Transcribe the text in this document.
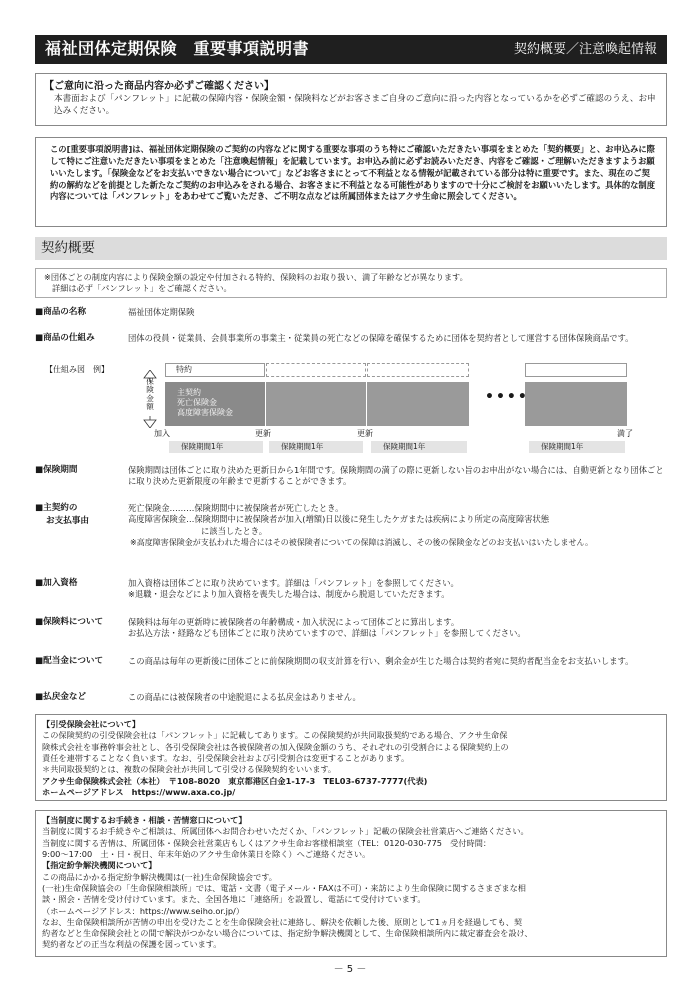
福祉団体定期保険　重要事項説明書	契約概要／注意喚起情報
【ご意向に沿った商品内容か必ずご確認ください】
本書面および「パンフレット」に記載の保障内容・保険金額・保険料などがお客さまご自身のご意向に沿った内容となっているかを必ずご確認のうえ、お申込みください。
この[重要事項説明書]は、福祉団体定期保険のご契約の内容などに関する重要な事項のうち特にご確認いただきたい事項をまとめた「契約概要」と、お申込みに際して特にご注意いただきたい事項をまとめた「注意喚起情報」を記載しています。お申込み前に必ずお読みいただき、内容をご確認・ご理解いただきますようお願いいたします。「保険金などをお支払いできない場合について」などお客さまにとって不利益となる情報が記載されている部分は特に重要です。また、現在のご契約の解約などを前提とした新たなご契約のお申込みをされる場合、お客さまに不利益となる可能性がありますので十分にご検討をお願いいたします。具体的な制度内容については「パンフレット」をあわせてご覧いただき、ご不明な点などは所属団体またはアクサ生命に照会してください。
契約概要
※団体ごとの制度内容により保険金額の設定や付加される特約、保険料のお取り扱い、満了年齢などが異なります。
詳細は必ず「パンフレット」をご確認ください。
■商品の名称	福祉団体定期保険
■商品の仕組み	団体の役員・従業員、会員事業所の事業主・従業員の死亡などの保障を確保するために団体を契約者として運営する団体保険商品です。
【仕組み図　例】
保険金額
特約
主契約
死亡保険金
高度障害保険金
••••
加入	更新	更新	満了
保険期間1年	保険期間1年	保険期間1年	保険期間1年
■保険期間	保険期間は団体ごとに取り決めた更新日から1年間です。保険期間の満了の際に更新しない旨のお申出がない場合には、自動更新となり団体ごとに取り決めた更新限度の年齢まで更新することができます。
■主契約の
お支払事由
死亡保険金………保険期間中に被保険者が死亡したとき。
高度障害保険金…保険期間中に被保険者が加入(増額)日以後に発生したケガまたは疾病により所定の高度障害状態
に該当したとき。
※高度障害保険金が支払われた場合にはその被保険者についての保障は消滅し、その後の保険金などのお支払いはいたしません。
■加入資格	加入資格は団体ごとに取り決めています。詳細は「パンフレット」を参照してください。
※退職・退会などにより加入資格を喪失した場合は、制度から脱退していただきます。
■保険料について	保険料は毎年の更新時に被保険者の年齢構成・加入状況によって団体ごとに算出します。
お払込方法・経路なども団体ごとに取り決めていますので、詳細は「パンフレット」を参照してください。
■配当金について	この商品は毎年の更新後に団体ごとに前保険期間の収支計算を行い、剰余金が生じた場合は契約者宛に契約者配当金をお支払いします。
■払戻金など	この商品には被保険者の中途脱退による払戻金はありません。
【引受保険会社について】
この保険契約の引受保険会社は「パンフレット」に記載してあります。この保険契約が共同取扱契約である場合、アクサ生命保
険株式会社を事務幹事会社とし、各引受保険会社は各被保険者の加入保険金額のうち、それぞれの引受割合による保険契約上の
責任を連帯することなく負います。なお、引受保険会社および引受割合は変更することがあります。
＊共同取扱契約とは、複数の保険会社が共同して引受ける保険契約をいいます。
アクサ生命保険株式会社（本社）　〒108-8020　東京都港区白金1-17-3　TEL03-6737-7777(代表)
ホームページアドレス　https://www.axa.co.jp/
【当制度に関するお手続き・相談・苦情窓口について】
当制度に関するお手続きやご相談は、所属団体へお問合わせいただくか、「パンフレット」記載の保険会社営業店へご連絡ください。
当制度に関する苦情は、所属団体・保険会社営業店もしくはアクサ生命お客様相談室（TEL：0120-030-775　受付時間：
9:00〜17:00　土・日・祝日、年末年始のアクサ生命休業日を除く）へご連絡ください。
【指定紛争解決機関について】
この商品にかかる指定紛争解決機関は(一社)生命保険協会です。
(一社)生命保険協会の「生命保険相談所」では、電話・文書（電子メール・FAXは不可）・来訪により生命保険に関するさまざまな相
談・照会・苦情を受け付けています。また、全国各地に「連絡所」を設置し、電話にて受付けています。
（ホームページアドレス：https://www.seiho.or.jp/）
なお、生命保険相談所が苦情の申出を受けたことを生命保険会社に連絡し、解決を依頼した後、原則として1ヵ月を経過しても、契
約者などと生命保険会社との間で解決がつかない場合については、指定紛争解決機関として、生命保険相談所内に裁定審査会を設け、
契約者などの正当な利益の保護を図っています。
－ 5 －
